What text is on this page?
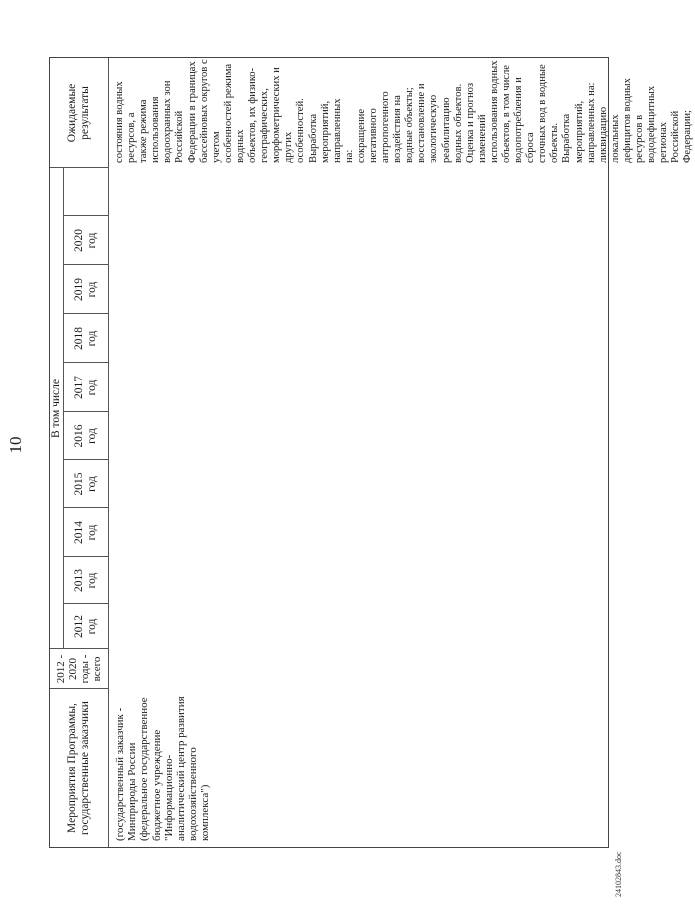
10
Мероприятия Программы,
государственные заказчики
2012 -
2020
годы -
всего
В том числе
Ожидаемые результаты
2012
год
2013
год
2014
год
2015
год
2016
год
2017
год
2018
год
2019
год
2020
год
(государственный заказчик -
Минприроды России
(федеральное государственное
бюджетное учреждение
"Информационно-
аналитический центр развития
водохозяйственного
комплекса")
состояния водных ресурсов, а
также режима использования
водоохранных зон Российской
Федерации в границах
бассейновых округов с учетом
особенностей режима водных
объектов, их физико-
географических,
морфометрических и других
особенностей. Выработка
мероприятий, направленных
на:
сокращение негативного
антропогенного воздействия на
водные объекты;
восстановление и
экологическую реабилитацию
водных объектов.
Оценка и прогноз изменений
использования водных
объектов, в том числе
водопотребления и сброса
сточных вод в водные объекты.
Выработка мероприятий,
направленных на:
ликвидацию локальных
дефицитов водных ресурсов в
вододефицитных регионах
Российской Федерации;
24102843.doc
